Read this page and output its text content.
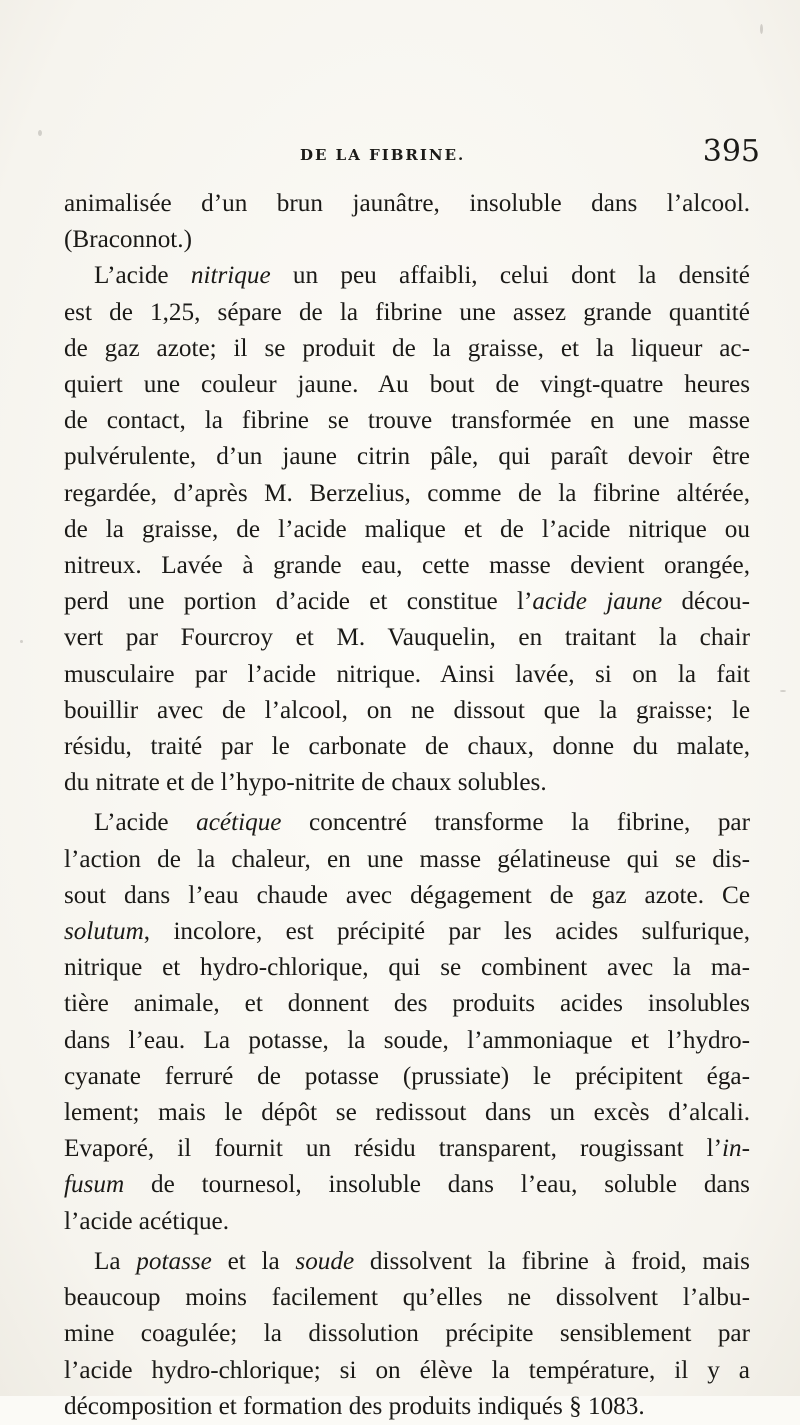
DE LA FIBRINE.	395

animalisée d’un brun jaunâtre, insoluble dans l’alcool.
(Braconnot.)

L’acide nitrique un peu affaibli, celui dont la densité
est de 1,25, sépare de la fibrine une assez grande quantité
de gaz azote; il se produit de la graisse, et la liqueur ac-
quiert une couleur jaune. Au bout de vingt-quatre heures
de contact, la fibrine se trouve transformée en une masse
pulvérulente, d’un jaune citrin pâle, qui paraît devoir être
regardée, d’après M. Berzelius, comme de la fibrine altérée,
de la graisse, de l’acide malique et de l’acide nitrique ou
nitreux. Lavée à grande eau, cette masse devient orangée,
perd une portion d’acide et constitue l’acide jaune décou-
vert par Fourcroy et M. Vauquelin, en traitant la chair
musculaire par l’acide nitrique. Ainsi lavée, si on la fait
bouillir avec de l’alcool, on ne dissout que la graisse; le
résidu, traité par le carbonate de chaux, donne du malate,
du nitrate et de l’hypo-nitrite de chaux solubles.

L’acide acétique concentré transforme la fibrine, par
l’action de la chaleur, en une masse gélatineuse qui se dis-
sout dans l’eau chaude avec dégagement de gaz azote. Ce
solutum, incolore, est précipité par les acides sulfurique,
nitrique et hydro-chlorique, qui se combinent avec la ma-
tière animale, et donnent des produits acides insolubles
dans l’eau. La potasse, la soude, l’ammoniaque et l’hydro-
cyanate ferruré de potasse (prussiate) le précipitent éga-
lement; mais le dépôt se redissout dans un excès d’alcali.
Evaporé, il fournit un résidu transparent, rougissant l’in-
fusum de tournesol, insoluble dans l’eau, soluble dans
l’acide acétique.

La potasse et la soude dissolvent la fibrine à froid, mais
beaucoup moins facilement qu’elles ne dissolvent l’albu-
mine coagulée; la dissolution précipite sensiblement par
l’acide hydro-chlorique; si on élève la température, il y a
décomposition et formation des produits indiqués § 1083.
